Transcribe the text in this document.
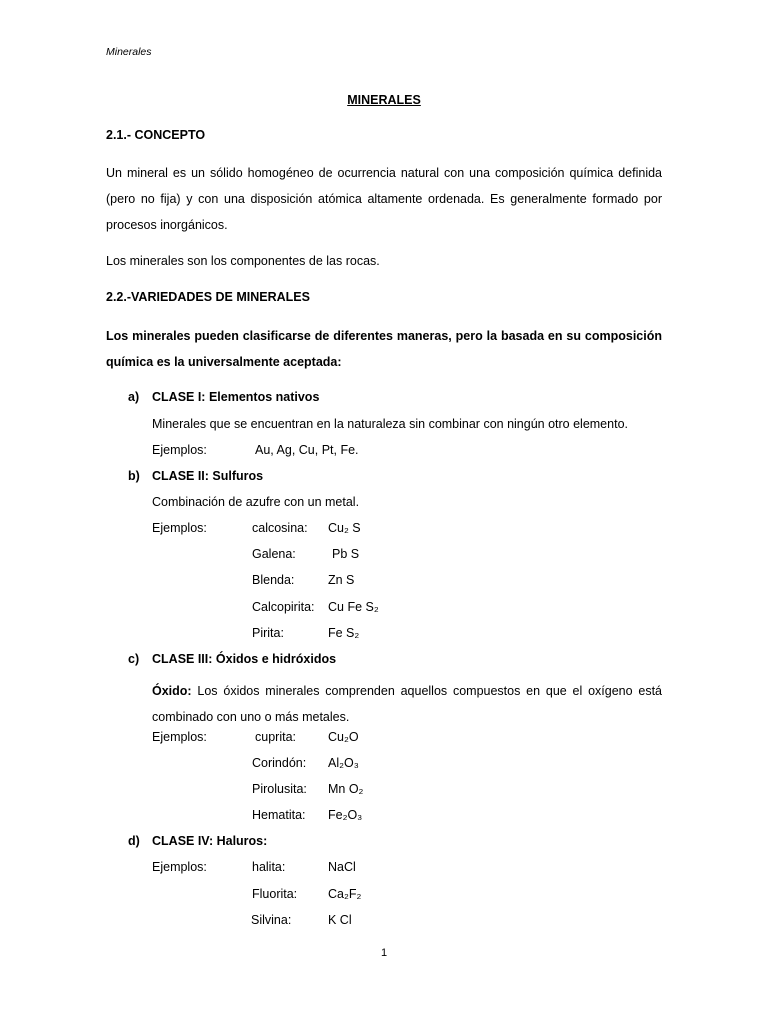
Minerales
MINERALES
2.1.- CONCEPTO
Un mineral es un sólido homogéneo de ocurrencia natural con una composición química definida (pero no fija) y con una disposición atómica altamente ordenada. Es generalmente formado por procesos inorgánicos.
Los minerales son los componentes de las rocas.
2.2.-VARIEDADES DE MINERALES
Los minerales pueden clasificarse de diferentes maneras, pero la basada en su composición química es la universalmente aceptada:
a) CLASE I: Elementos nativos
Minerales que se encuentran en la naturaleza sin combinar con ningún otro elemento.
Ejemplos:	Au, Ag, Cu, Pt, Fe.
b) CLASE II: Sulfuros
Combinación de azufre con un metal.
Ejemplos:	calcosina: Cu₂ S
Galena:	Pb S
Blenda:	Zn S
Calcopirita: Cu Fe S₂
Pirita:	Fe S₂
c) CLASE III: Óxidos e hidróxidos
Óxido: Los óxidos minerales comprenden aquellos compuestos en que el oxígeno está combinado con uno o más metales.
Ejemplos:	cuprita:	Cu₂O
Corindón: Al₂O₃
Pirolusita: Mn O₂
Hematita: Fe₂O₃
d) CLASE IV: Haluros:
Ejemplos:	halita:	NaCl
Fluorita: Ca₂F₂
Silvina:	K Cl
1
